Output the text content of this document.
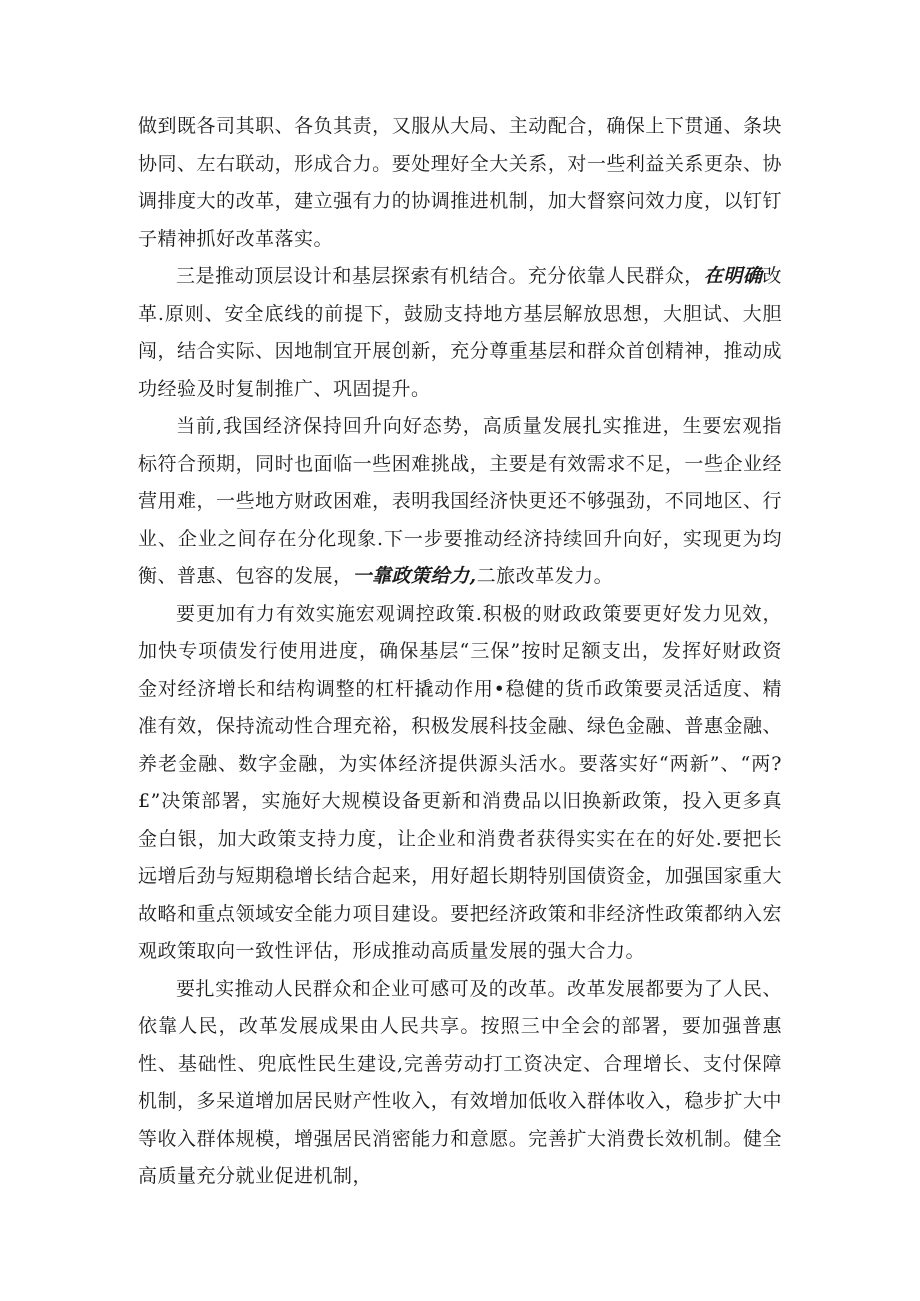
做到既各司其职、各负其责，又服从大局、主动配合，确保上下贯通、条块协同、左右联动，形成合力。要处理好全大关系，对一些利益关系更杂、协调排度大的改革，建立强有力的协调推进机制，加大督察问效力度，以钉钉子精神抓好改革落实。

三是推动顶层设计和基层探索有机结合。充分依靠人民群众，在明确改革.原则、安全底线的前提下，鼓励支持地方基层解放思想，大胆试、大胆闯，结合实际、因地制宜开展创新，充分尊重基层和群众首创精神，推动成功经验及时复制推广、巩固提升。

当前,我国经济保持回升向好态势，高质量发展扎实推进，生要宏观指标符合预期，同时也面临一些困难挑战，主要是有效需求不足，一些企业经营用难，一些地方财政困难，表明我国经济快更还不够强劲，不同地区、行业、企业之间存在分化现象.下一步要推动经济持续回升向好，实现更为均衡、普惠、包容的发展，一靠政策给力,二旅改革发力。

要更加有力有效实施宏观调控政策.积极的财政政策要更好发力见效，加快专项债发行使用进度，确保基层“三保”按时足额支出，发挥好财政资金对经济增长和结构调整的杠杆撬动作用•稳健的货币政策要灵活适度、精准有效，保持流动性合理充裕，积极发展科技金融、绿色金融、普惠金融、养老金融、数字金融，为实体经济提供源头活水。要落实好“两新”、“两?£”决策部署，实施好大规模设备更新和消费品以旧换新政策，投入更多真金白银，加大政策支持力度，让企业和消费者获得实实在在的好处.要把长远增后劲与短期稳增长结合起来，用好超长期特别国债资金，加强国家重大故略和重点领域安全能力项目建设。要把经济政策和非经济性政策都纳入宏观政策取向一致性评估，形成推动高质量发展的强大合力。

要扎实推动人民群众和企业可感可及的改革。改革发展都要为了人民、依靠人民，改革发展成果由人民共享。按照三中全会的部署，要加强普惠性、基础性、兜底性民生建设,完善劳动打工资决定、合理增长、支付保障机制，多呆道增加居民财产性收入，有效增加低收入群体收入，稳步扩大中等收入群体规模，增强居民消密能力和意愿。完善扩大消费长效机制。健全高质量充分就业促进机制，
